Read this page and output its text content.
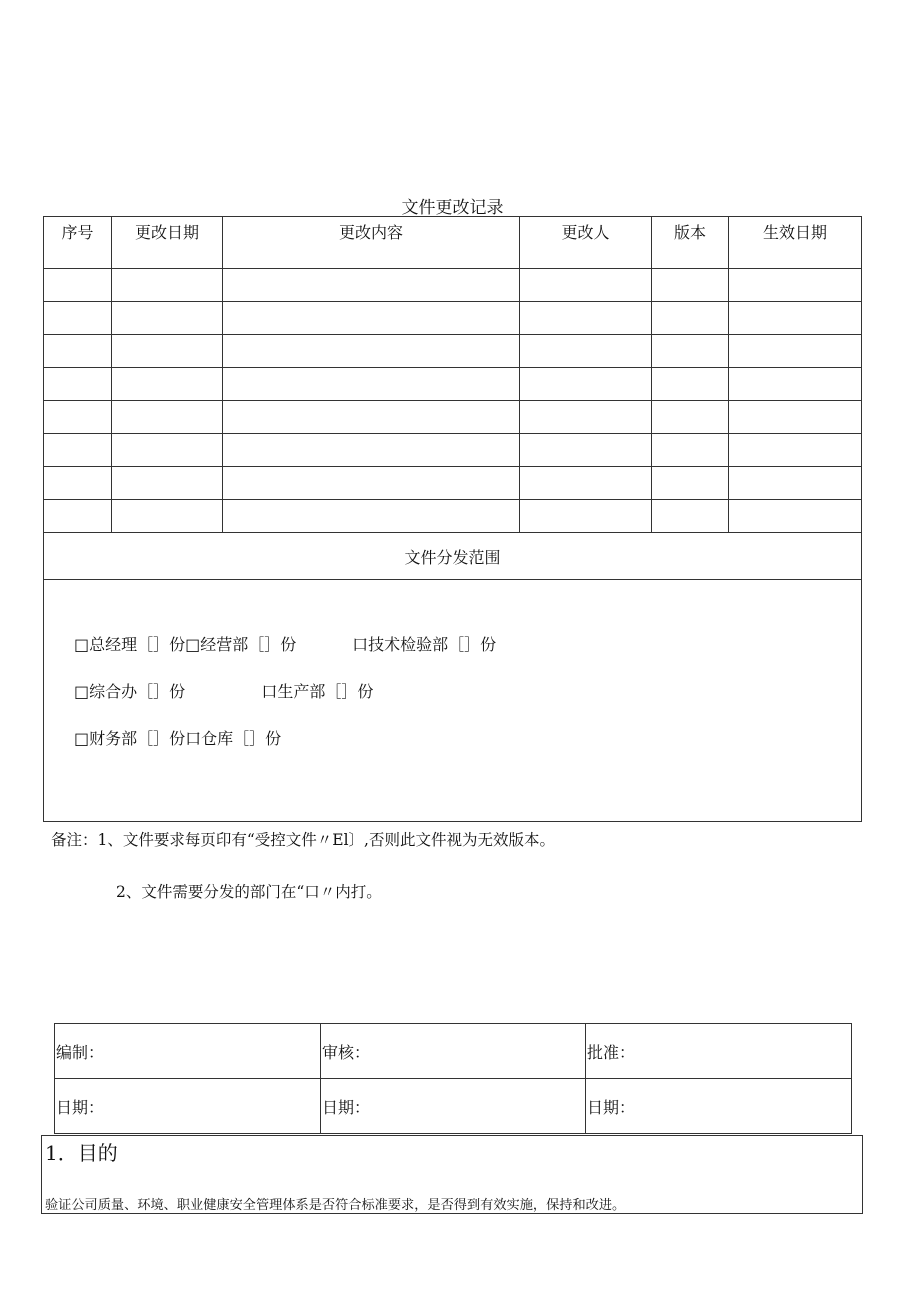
文件更改记录
序号	更改日期	更改内容	更改人	版本	生效日期

文件分发范围					

□总经理［］份□经营部［］份           口技术检验部［］份
□综合办［］份               口生产部［］份
□财务部［］份口仓库［］份					
备注：1、文件要求每页印有“受控文件〃El〕,否则此文件视为无效版本。
2、文件需要分发的部门在“口〃内打。
编制：	审核：	批准：
日期：	日期：	日期：
1．目的
验证公司质量、环境、职业健康安全管理体系是否符合标准要求，是否得到有效实施，保持和改进。
